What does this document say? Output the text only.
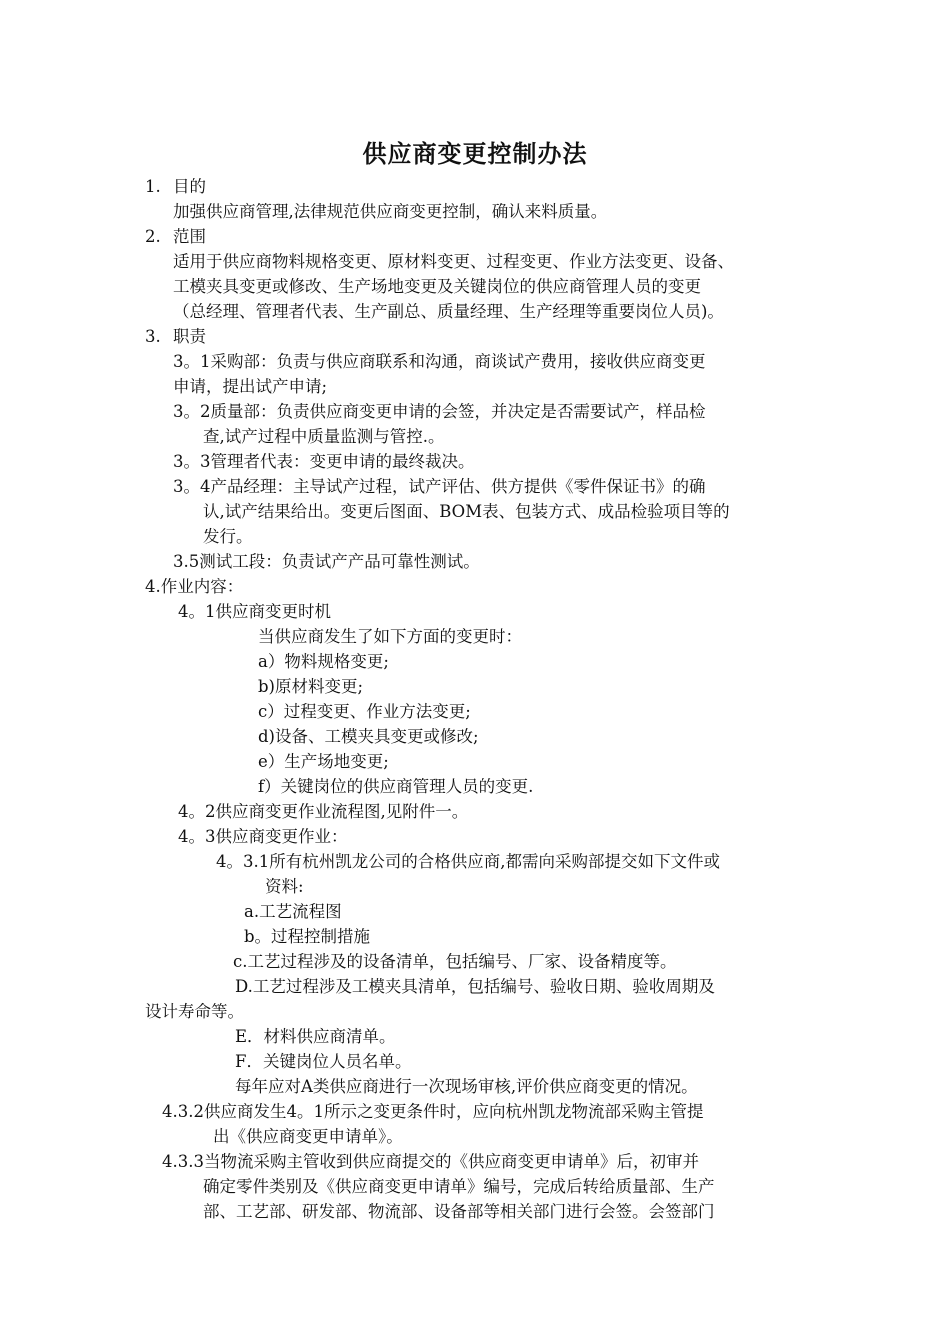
供应商变更控制办法
1. 目的
加强供应商管理,法律规范供应商变更控制，确认来料质量。
2. 范围
适用于供应商物料规格变更、原材料变更、过程变更、作业方法变更、设备、
工模夹具变更或修改、生产场地变更及关键岗位的供应商管理人员的变更
（总经理、管理者代表、生产副总、质量经理、生产经理等重要岗位人员)。
3. 职责
3。1采购部：负责与供应商联系和沟通，商谈试产费用，接收供应商变更
申请，提出试产申请;
3。2质量部：负责供应商变更申请的会签，并决定是否需要试产，样品检
查,试产过程中质量监测与管控.。
3。3管理者代表：变更申请的最终裁决。
3。4产品经理：主导试产过程，试产评估、供方提供《零件保证书》的确
认,试产结果给出。变更后图面、BOM表、包装方式、成品检验项目等的
发行。
3.5测试工段：负责试产产品可靠性测试。
4.作业内容：
4。1供应商变更时机
当供应商发生了如下方面的变更时：
a）物料规格变更;
b)原材料变更;
c）过程变更、作业方法变更;
d)设备、工模夹具变更或修改;
e）生产场地变更;
f）关键岗位的供应商管理人员的变更.
4。2供应商变更作业流程图,见附件一。
4。3供应商变更作业：
4。3.1所有杭州凯龙公司的合格供应商,都需向采购部提交如下文件或
资料:
a.工艺流程图
b。过程控制措施
c.工艺过程涉及的设备清单，包括编号、厂家、设备精度等。
D.工艺过程涉及工模夹具清单，包括编号、验收日期、验收周期及
设计寿命等。
E．材料供应商清单。
F．关键岗位人员名单。
每年应对A类供应商进行一次现场审核,评价供应商变更的情况。
4.3.2供应商发生4。1所示之变更条件时，应向杭州凯龙物流部采购主管提
出《供应商变更申请单》。
4.3.3当物流采购主管收到供应商提交的《供应商变更申请单》后，初审并
确定零件类别及《供应商变更申请单》编号，完成后转给质量部、生产
部、工艺部、研发部、物流部、设备部等相关部门进行会签。会签部门
